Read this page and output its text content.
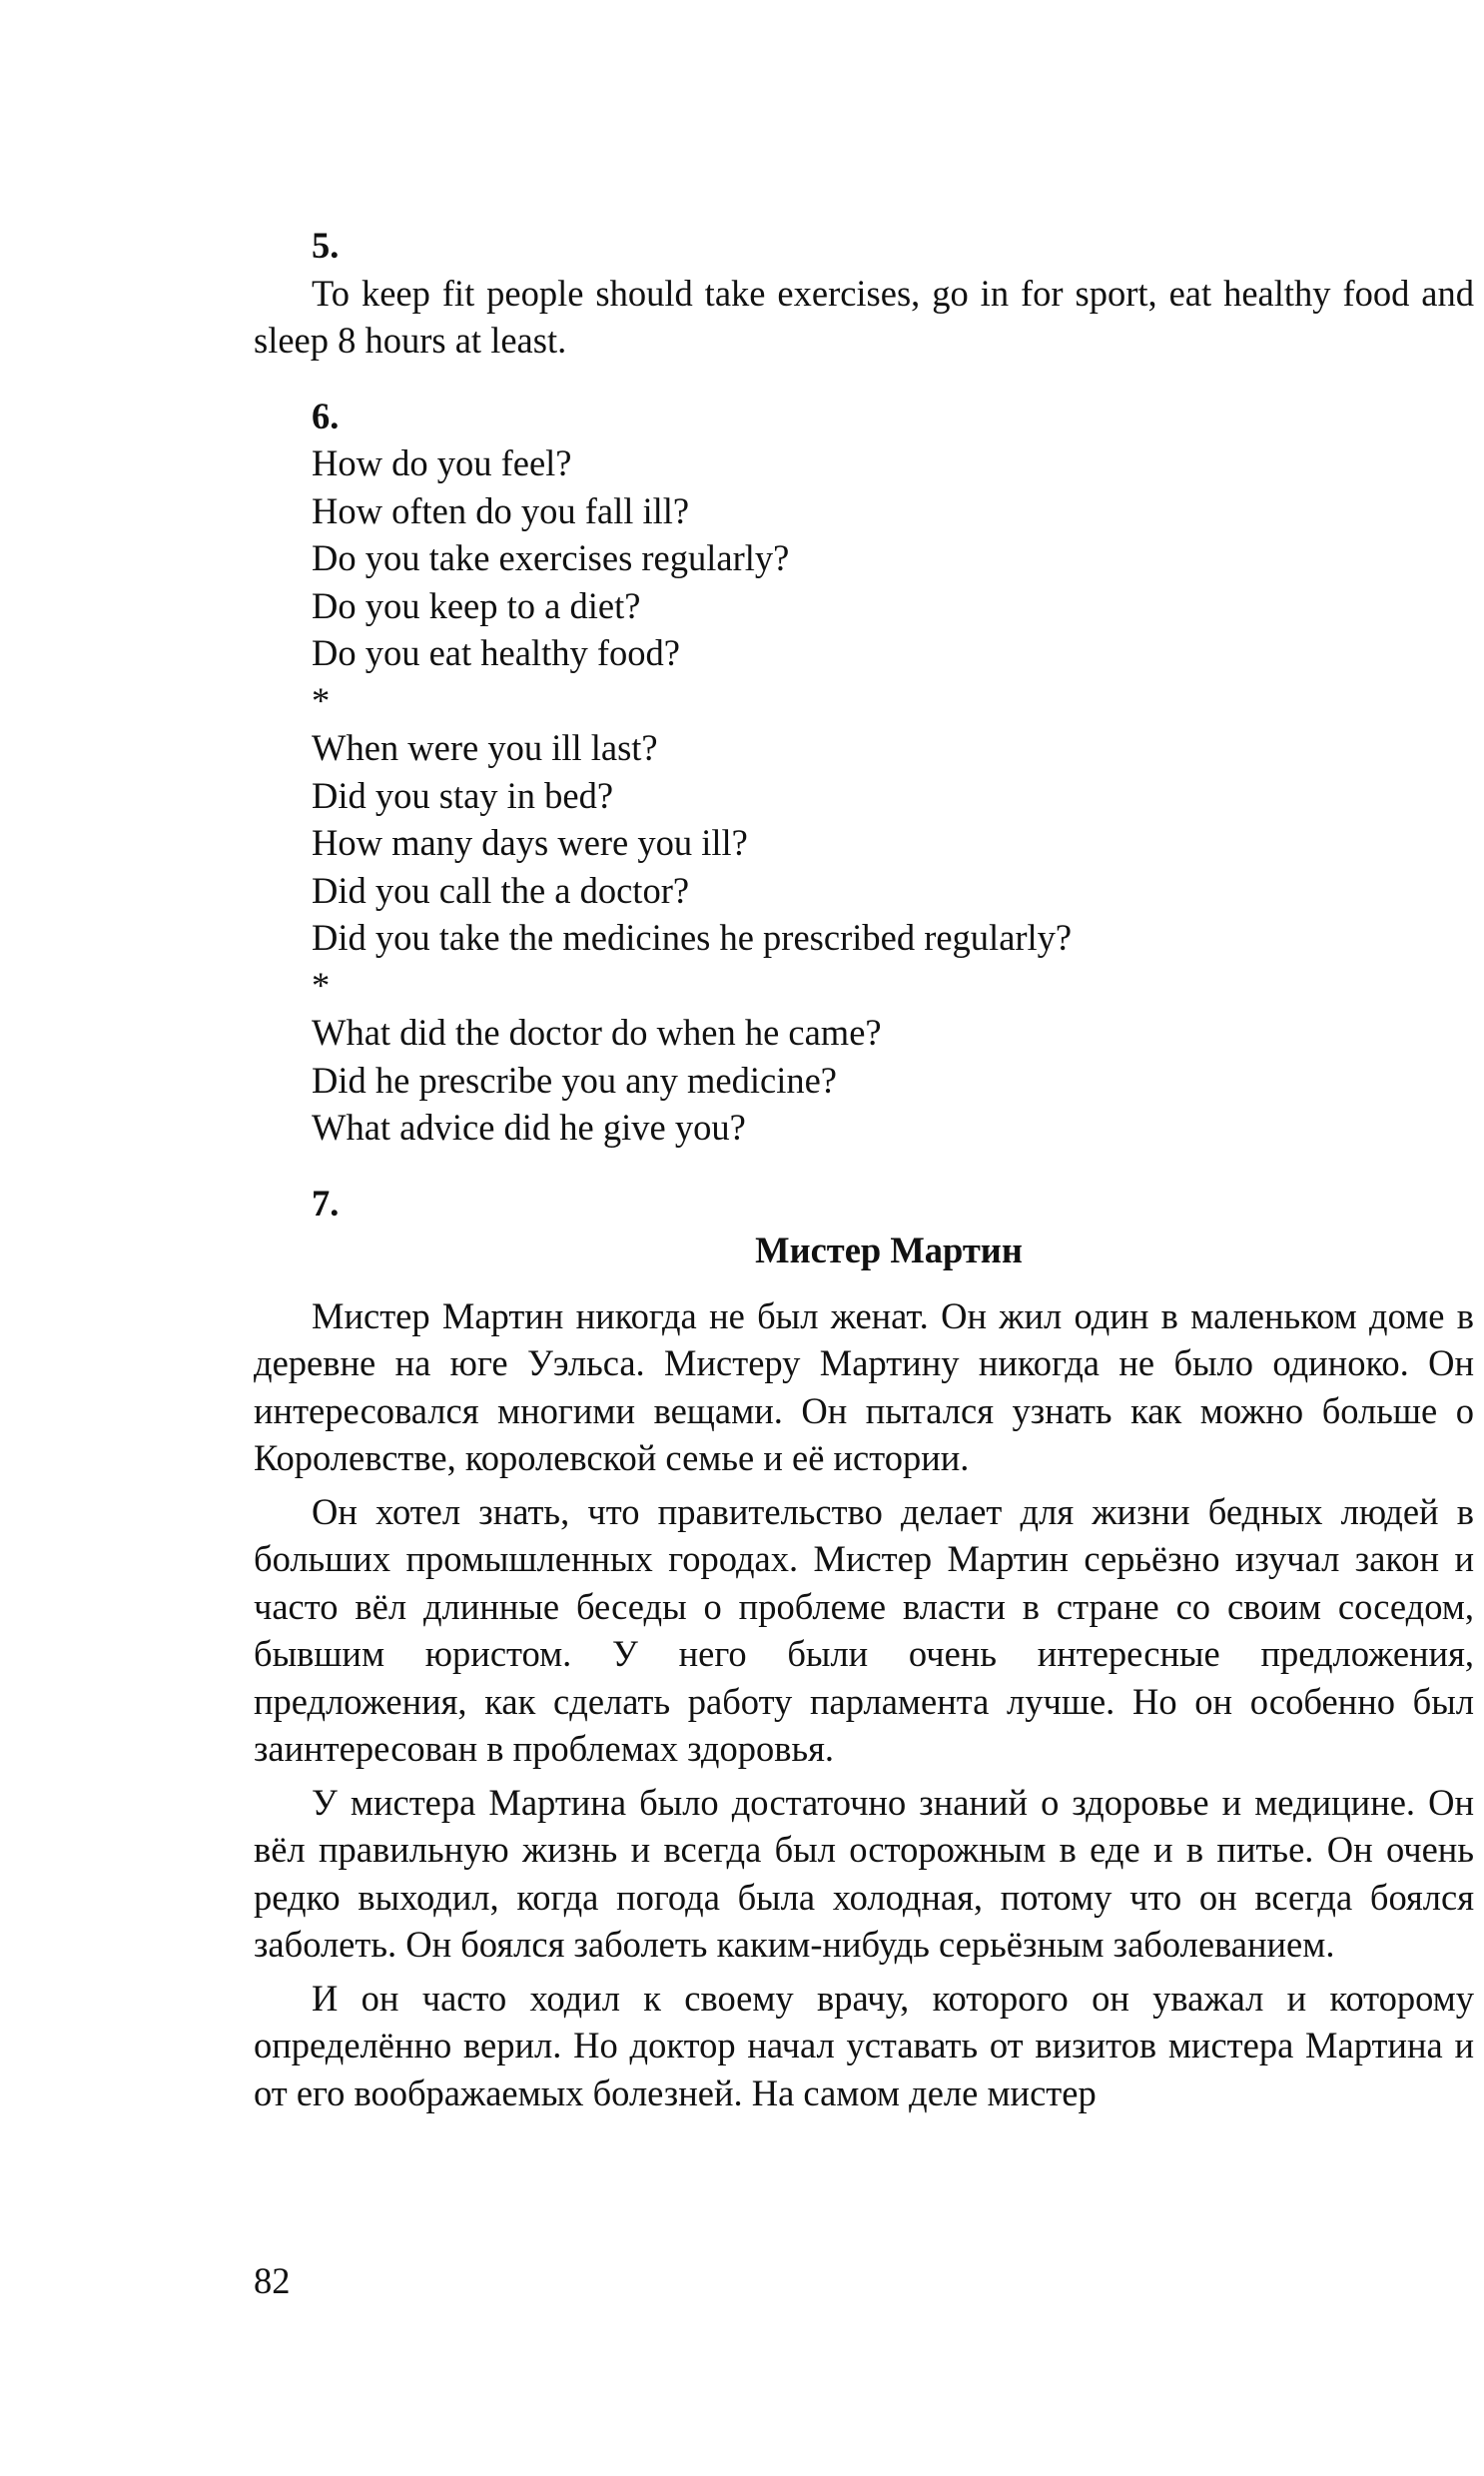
5.

To keep fit people should take exercises, go in for sport, eat healthy food and sleep 8 hours at least.

6.
How do you feel?
How often do you fall ill?
Do you take exercises regularly?
Do you keep to a diet?
Do you eat healthy food?
*
When were you ill last?
Did you stay in bed?
How many days were you ill?
Did you call the a doctor?
Did you take the medicines he prescribed regularly?
*
What did the doctor do when he came?
Did he prescribe you any medicine?
What advice did he give you?
7.
Мистер Мартин

Мистер Мартин никогда не был женат. Он жил один в маленьком доме в деревне на юге Уэльса. Мистеру Мартину никогда не было одиноко. Он интересовался многими вещами. Он пытался узнать как можно больше о Королевстве, королевской семье и её истории.

Он хотел знать, что правительство делает для жизни бедных людей в больших промышленных городах. Мистер Мартин серьёзно изучал закон и часто вёл длинные беседы о проблеме власти в стране со своим соседом, бывшим юристом. У него были очень интересные предложения, предложения, как сделать работу парламента лучше. Но он особенно был заинтересован в проблемах здоровья.

У мистера Мартина было достаточно знаний о здоровье и медицине. Он вёл правильную жизнь и всегда был осторожным в еде и в питье. Он очень редко выходил, когда погода была холодная, потому что он всегда боялся заболеть. Он боялся заболеть каким-нибудь серьёзным заболеванием.

И он часто ходил к своему врачу, которого он уважал и которому определённо верил. Но доктор начал уставать от визитов мистера Мартина и от его воображаемых болезней. На самом деле мистер

82
